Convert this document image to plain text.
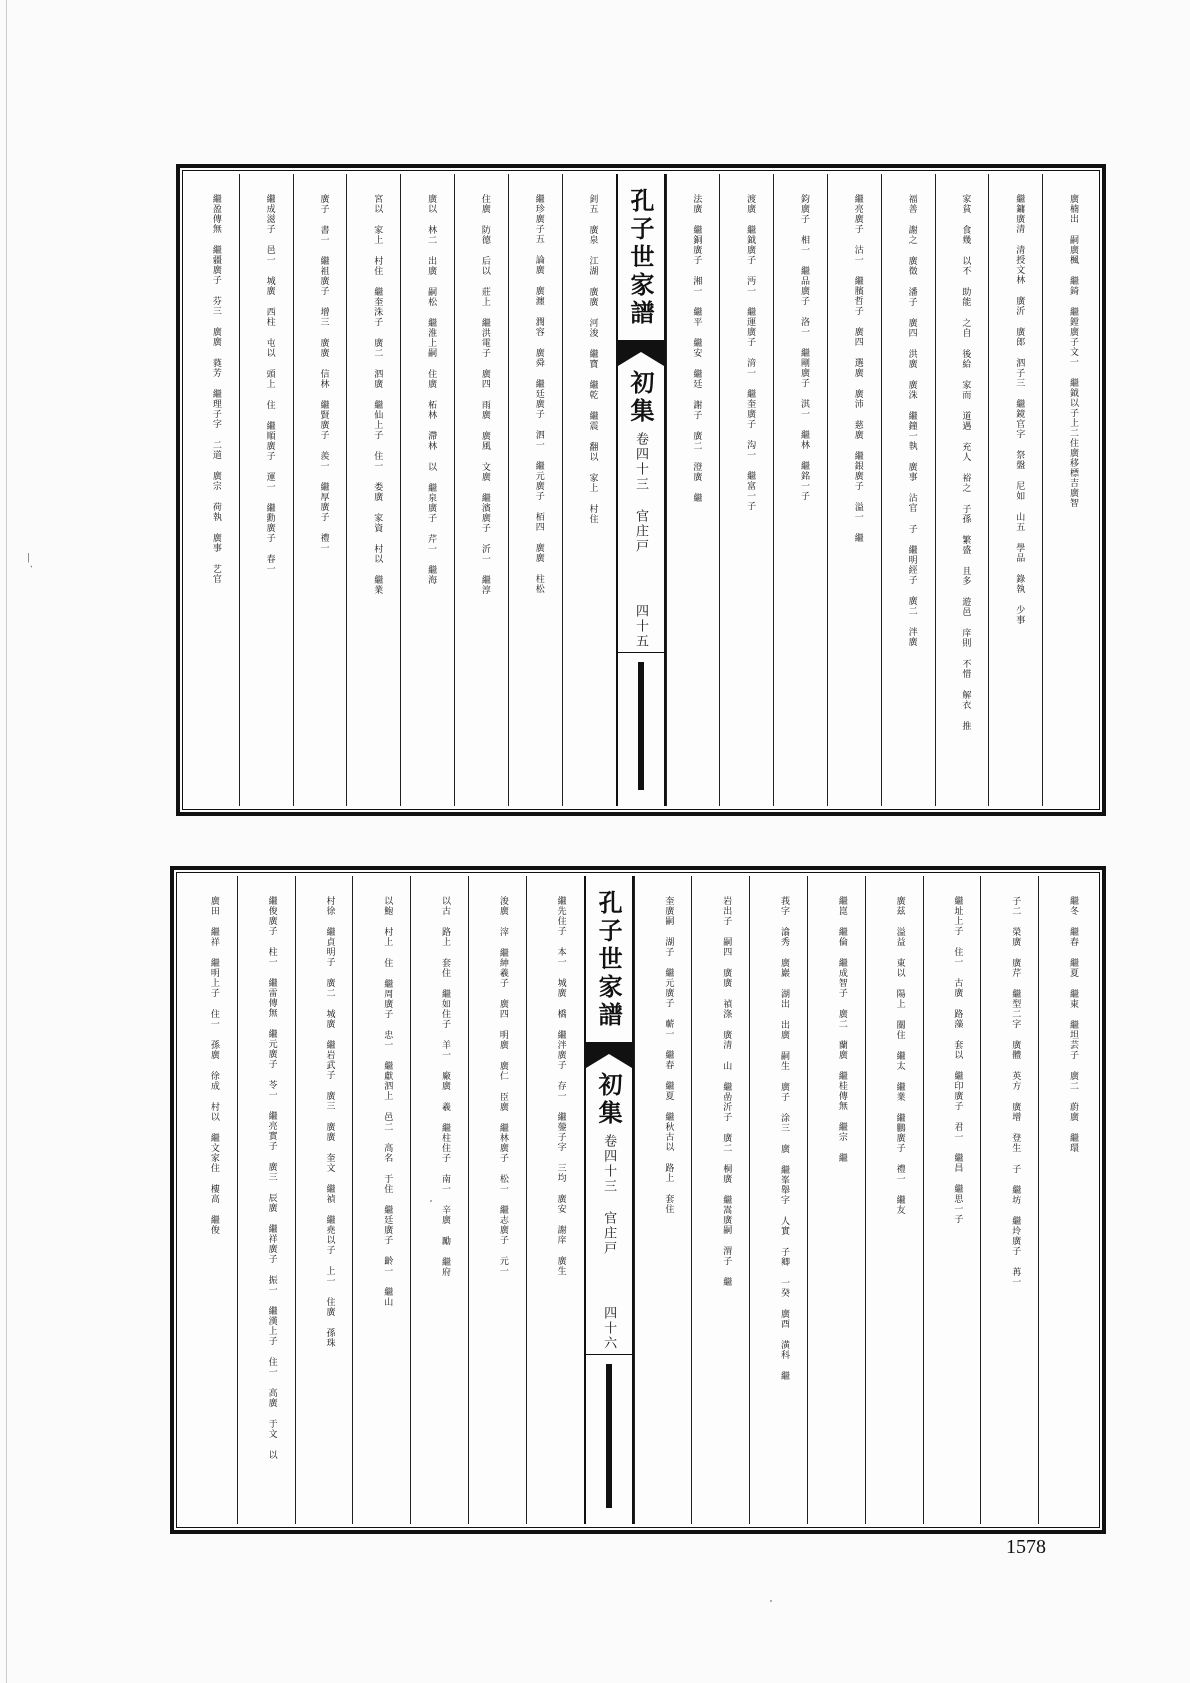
|
ㆍ
廣楠出 嗣廣楓 繼錡 繼鏜廣子文一 繼鉞以子上二住廣移標吉廣智
繼鏞廣清 清授文林 廣沂 廣郎 泗子三 繼鏡官字 祭盤 尼如 山五 學品 錄執 少事
家貧 食幾 以不 助能 之自 後給 家而 道遇 充人 裕之 子孫 繁盛 且多 遊邑 庠則 不惜 解衣 推
福善 謝之 廣徵 潘子 廣四 洪廣 廣洙 繼鐘一執 廣事 沾官 子 繼明經子 廣二 泮廣
繼亮廣子 沽一 繼臏哲子 廣四 選廣 廣沛 慈廣 繼銀廣子 溢一 繼
鈞廣子 相一 繼品廣子 洛一 繼剛廣子 淇一 繼林 繼銘一子
渡廣 繼鉞廣子 沔一 繼運廣子 湇一 繼奎廣子 沟一 繼富一子
法廣 繼銅廣子 湘一 繼平 繼安 繼廷 謝子 廣二 澄廣 繼
孔子世家譜
初集
卷四十三 官庄戸
四十五
釗五 廣泉 江湖 廣廣 河浚 繼寶 繼乾 繼震 翻以 家上 村住
繼珍廣子五 論廣 廣瀍 潤容 廣舜 繼廷廣子 泗一 繼元廣子 栢四 廣廣 柱松
住廣 防德 后以 莊上 繼洪電子 廣四 雨廣 廣風 文廣 繼濱廣子 沂一 繼淳
廣以 林二 出廣 嗣松 繼淮上嗣 住廣 柘林 滯林 以 繼泉廣子 芹一 繼海
宮以 家上 村住 繼奎洙子 廣二 泗廣 繼仙上子 住一 娄廣 家資 村以 繼業
廣子 書一 繼祖廣子 增三 廣廣 信林 繼賢廣子 羨一 繼厚廣子 禮一
繼成滋子 邑一 城廣 西柱 屯以 頭上 住 繼順廣子 運一 繼勳廣子 春一
繼盈傳無 繼疆廣子 芬三 廣廣 蕤芳 繼理子字 二道 廣宗 荷執 廣事 艺官
繼冬 繼春 繼夏 繼東 繼坦芸子 廣二 蔚廣 繼環
子二 榮廣 廣芹 繼型二字 廣體 英方 廣增 登生 子 繼坊 繼坽廣子 苒一
繼址上子 住一 古廣 路藻 套以 繼印廣子 君一 繼昌 繼思一子
廣兹 溢益 東以 陽上 關住 繼太 繼業 繼鵬廣子 禮一 繼友
繼崑 繼倫 繼成智子 廣二 蘭廣 繼桂傳無 繼宗 繼
莪字 潝秀 廣巖 湖出 出廣 嗣生 廣子 涂三 廣 繼峯舉字 人實 子卿 一癸 廣酉 潢科 繼
岩出子 嗣四 廣廣 禎涤 廣清 山 繼嵒沂子 廣二 桐廣 繼嵩廣嗣 渭子 繼
奎廣嗣 湖子 繼元廣子 蘄一 繼春 繼夏 繼秋古以 路上 套住
孔子世家譜
初集
卷四十三 官庄戸
四十六
繼先住子 本一 城廣 橋 繼泮廣子 存一 繼鎣子字 三均 廣安 謝庠 廣生
浚廣 滓 繼紳羲子 廣四 明廣 廣仁 臣廣 繼林廣子 松一 繼志廣子 元一
以古 路上 套住 繼如住子 羊一 廠廣 羲 繼柱住子 南一 辛廣 勵 繼府
以鮑 村上 住 繼周廣子 忠一 繼獻泗上 邑二 高名 于住 繼廷廣子 齡一 繼山
村徐 繼貞明子 廣二 城廣 繼岩武子 廣三 廣廣 奎文 繼禎 繼堯以子 上一 住廣 孫珠
繼俊廣子 柱一 繼雷傳無 繼元廣子 苓一 繼亮實子 廣三 辰廣 繼祥廣子 振一 繼漢上子 住一 高廣 于文 以
廣田 繼祥 繼明上子 住一 孫廣 徐成 村以 繼文家住 樓高 繼俊
1578
